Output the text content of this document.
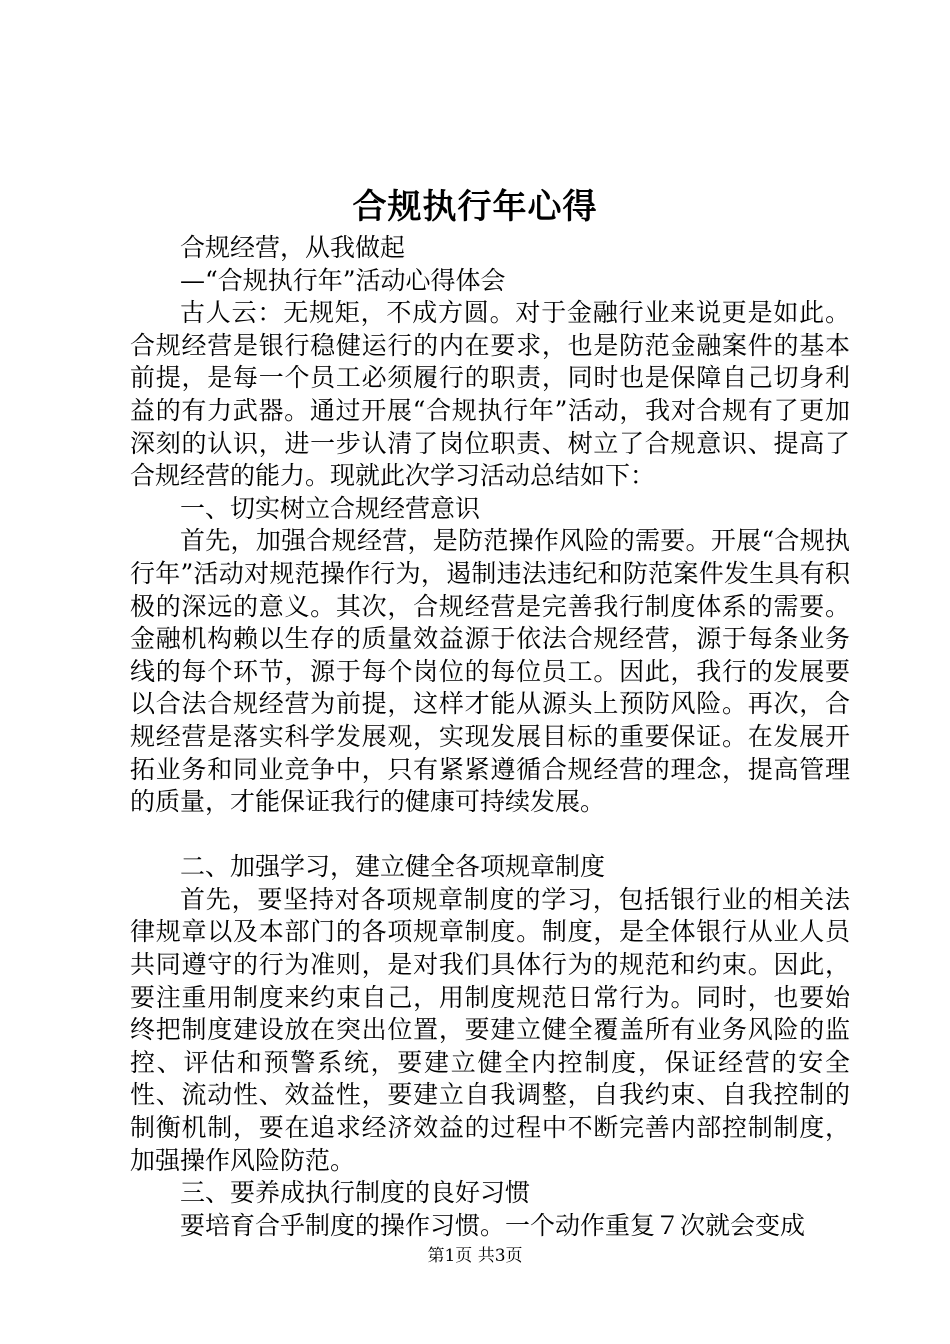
合规执行年心得

合规经营，从我做起

—“合规执行年”活动心得体会

古人云：无规矩，不成方圆。对于金融行业来说更是如此。合规经营是银行稳健运行的内在要求，也是防范金融案件的基本前提，是每一个员工必须履行的职责，同时也是保障自己切身利益的有力武器。通过开展“合规执行年”活动，我对合规有了更加深刻的认识，进一步认清了岗位职责、树立了合规意识、提高了合规经营的能力。现就此次学习活动总结如下：

一、切实树立合规经营意识

首先，加强合规经营，是防范操作风险的需要。开展“合规执行年”活动对规范操作行为，遏制违法违纪和防范案件发生具有积极的深远的意义。其次，合规经营是完善我行制度体系的需要。金融机构赖以生存的质量效益源于依法合规经营，源于每条业务线的每个环节，源于每个岗位的每位员工。因此，我行的发展要以合法合规经营为前提，这样才能从源头上预防风险。再次，合规经营是落实科学发展观，实现发展目标的重要保证。在发展开拓业务和同业竞争中，只有紧紧遵循合规经营的理念，提高管理的质量，才能保证我行的健康可持续发展。

二、加强学习，建立健全各项规章制度

首先，要坚持对各项规章制度的学习，包括银行业的相关法律规章以及本部门的各项规章制度。制度，是全体银行从业人员共同遵守的行为准则，是对我们具体行为的规范和约束。因此，要注重用制度来约束自己，用制度规范日常行为。同时，也要始终把制度建设放在突出位置，要建立健全覆盖所有业务风险的监控、评估和预警系统，要建立健全内控制度，保证经营的安全性、流动性、效益性，要建立自我调整，自我约束、自我控制的制衡机制，要在追求经济效益的过程中不断完善内部控制制度，加强操作风险防范。

三、要养成执行制度的良好习惯

要培育合乎制度的操作习惯。一个动作重复７次就会变成

第1页 共3页
